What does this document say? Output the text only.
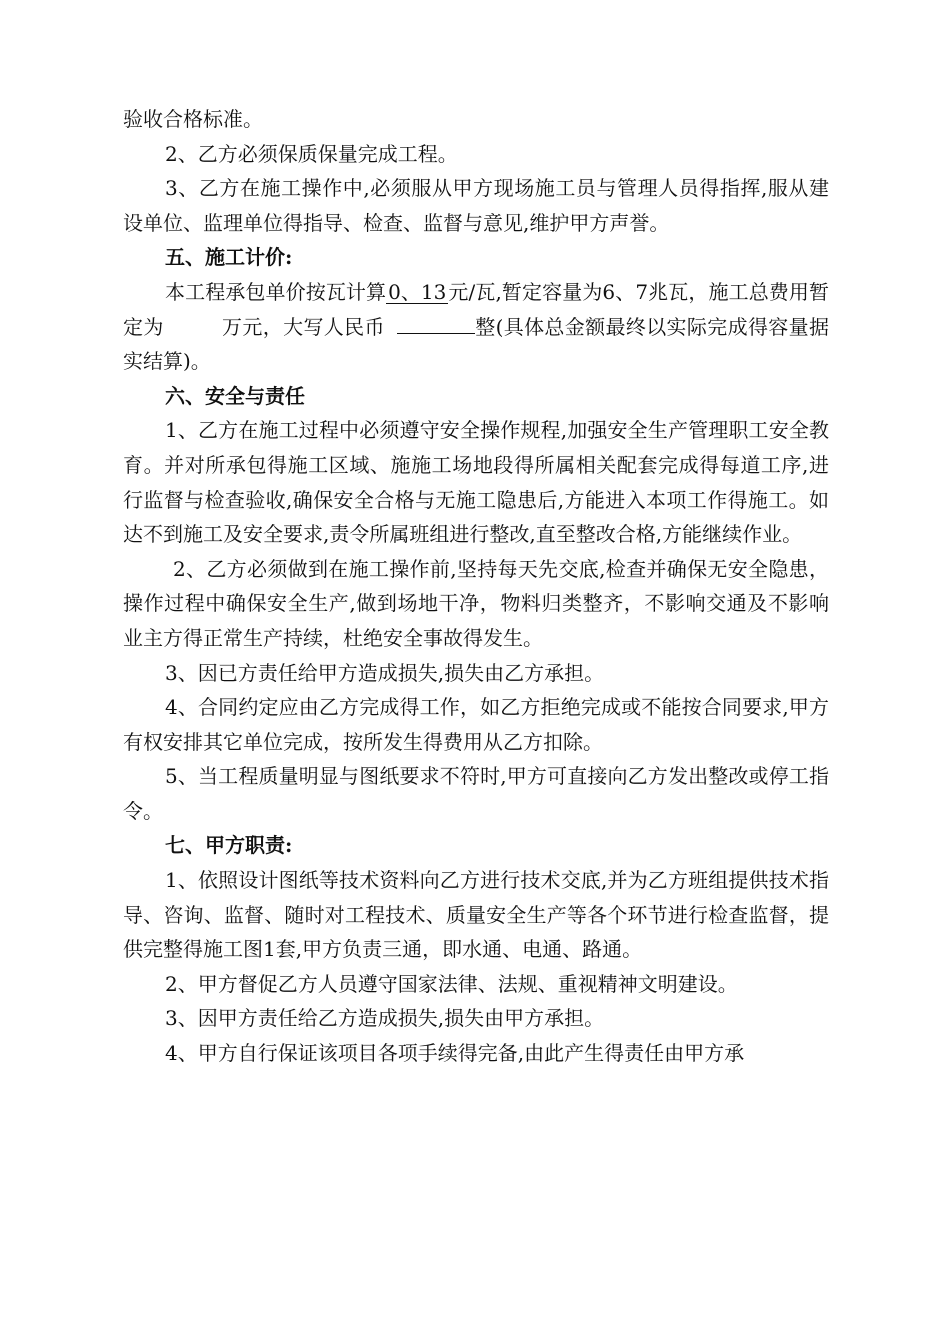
验收合格标准。

2、乙方必须保质保量完成工程。

3、乙方在施工操作中,必须服从甲方现场施工员与管理人员得指挥,服从建设单位、监理单位得指导、检查、监督与意见,维护甲方声誉。

五、施工计价:

本工程承包单价按瓦计算0、13元/瓦,暂定容量为6、7兆瓦，施工总费用暂定为	万元，大写人民币	整(具体总金额最终以实际完成得容量据实结算)。

六、安全与责任

1、乙方在施工过程中必须遵守安全操作规程,加强安全生产管理职工安全教育。并对所承包得施工区域、施施工场地段得所属相关配套完成得每道工序,进行监督与检查验收,确保安全合格与无施工隐患后,方能进入本项工作得施工。如达不到施工及安全要求,责令所属班组进行整改,直至整改合格,方能继续作业。

2、乙方必须做到在施工操作前,坚持每天先交底,检查并确保无安全隐患，操作过程中确保安全生产,做到场地干净，物料归类整齐，不影响交通及不影响业主方得正常生产持续，杜绝安全事故得发生。

3、因已方责任给甲方造成损失,损失由乙方承担。

4、合同约定应由乙方完成得工作，如乙方拒绝完成或不能按合同要求,甲方有权安排其它单位完成，按所发生得费用从乙方扣除。

5、当工程质量明显与图纸要求不符时,甲方可直接向乙方发出整改或停工指令。

七、甲方职责:

1、依照设计图纸等技术资料向乙方进行技术交底,并为乙方班组提供技术指导、咨询、监督、随时对工程技术、质量安全生产等各个环节进行检查监督，提供完整得施工图1套,甲方负责三通，即水通、电通、路通。

2、甲方督促乙方人员遵守国家法律、法规、重视精神文明建设。

3、因甲方责任给乙方造成损失,损失由甲方承担。

4、甲方自行保证该项目各项手续得完备,由此产生得责任由甲方承
